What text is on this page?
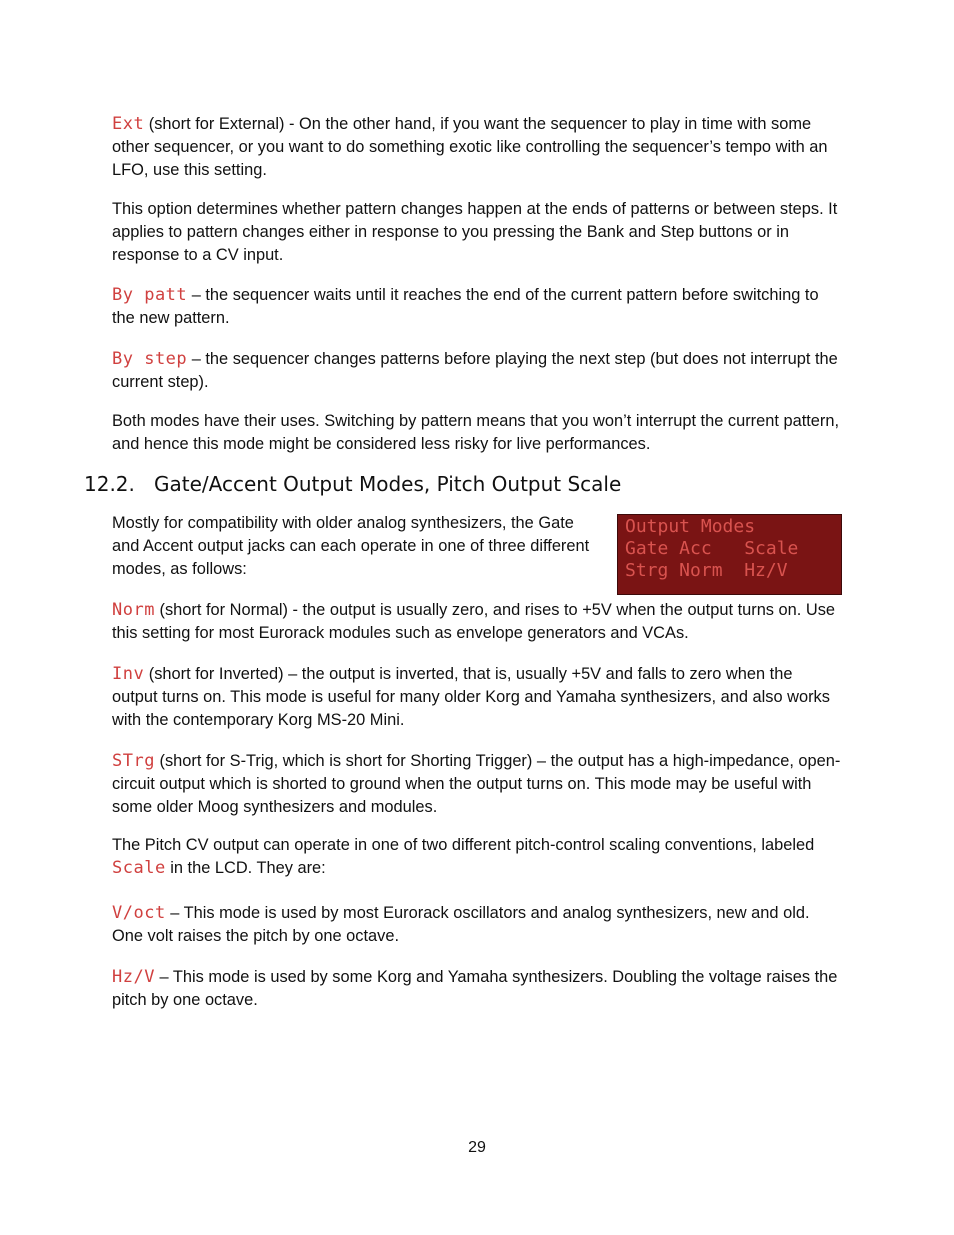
Ext (short for External) - On the other hand, if you want the sequencer to play in time with some other sequencer, or you want to do something exotic like controlling the sequencer’s tempo with an LFO, use this setting.

This option determines whether pattern changes happen at the ends of patterns or between steps. It applies to pattern changes either in response to you pressing the Bank and Step buttons or in response to a CV input.

By patt – the sequencer waits until it reaches the end of the current pattern before switching to the new pattern.

By step – the sequencer changes patterns before playing the next step (but does not interrupt the current step).

Both modes have their uses. Switching by pattern means that you won’t interrupt the current pattern, and hence this mode might be considered less risky for live performances.

12.2. Gate/Accent Output Modes, Pitch Output Scale

Mostly for compatibility with older analog synthesizers, the Gate and Accent output jacks can each operate in one of three different modes, as follows:

Output Modes
Gate Acc   Scale
Strg Norm  Hz/V

Norm (short for Normal) - the output is usually zero, and rises to +5V when the output turns on. Use this setting for most Eurorack modules such as envelope generators and VCAs.

Inv (short for Inverted) – the output is inverted, that is, usually +5V and falls to zero when the output turns on. This mode is useful for many older Korg and Yamaha synthesizers, and also works with the contemporary Korg MS-20 Mini.

STrg (short for S-Trig, which is short for Shorting Trigger) – the output has a high-impedance, open-circuit output which is shorted to ground when the output turns on. This mode may be useful with some older Moog synthesizers and modules.

The Pitch CV output can operate in one of two different pitch-control scaling conventions, labeled Scale in the LCD. They are:

V/oct – This mode is used by most Eurorack oscillators and analog synthesizers, new and old. One volt raises the pitch by one octave.

Hz/V – This mode is used by some Korg and Yamaha synthesizers. Doubling the voltage raises the pitch by one octave.

29
